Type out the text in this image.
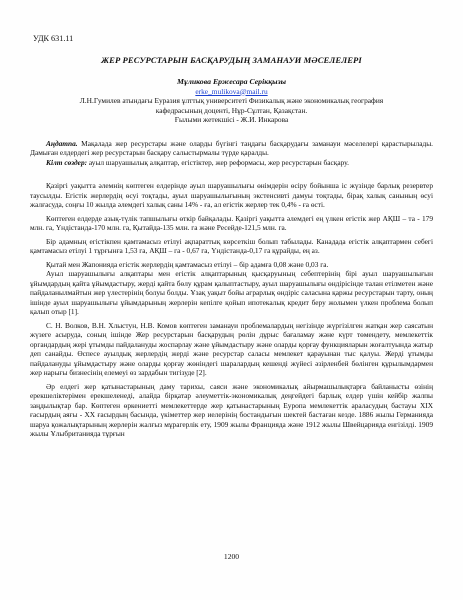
УДК 631.11
ЖЕР РЕСУРСТАРЫН БАСҚАРУДЫҢ ЗАМАНАУИ МӘСЕЛЕЛЕРІ
Мұликова Ержесара Серікқызы
erke_mulikova@mail.ru
Л.Н.Гумилев атындағы Еуразия ұлттық университеті Физикалық және экономикалық география
кафедрасының доценті, Нұр-Сұлтан, Қазақстан.
Ғылыми жетекшісі - Ж.И. Инкарова

Аңдатпа. Мақалада жер ресурстары және оларды бүгінгі таңдағы басқарудағы заманауи мәселелері қарастырылады. Дамыған елдердегі жер ресурстарын басқару салыстырмалы түрде қаралды.

Кілт сөздер: ауыл шаруашылық алқаптар, егістіктер, жер реформасы, жер ресурстарын басқару.

Қазіргі уақытта әлемнің көптеген елдерінде ауыл шаруашылығы өнімдерін өсіру бойынша іс жүзінде барлық резервтер таусылды. Егістік жерлердің өсуі тоқтады, ауыл шаруашылығының экстенсивті дамуы тоқтады, бірақ халық санының өсуі жалғасуда, соңғы 10 жылда әлемдегі халық саны 14% - ға, ал егістік жерлер тек 0,4% - ға өсті.

Көптеген елдерде азық-түлік тапшылығы өткір байқалады. Қазіргі уақытта әлемдегі ең үлкен егістік жер АҚШ – та - 179 млн. га, Үндістанда-170 млн. га, Қытайда-135 млн. га және Ресейде-121,5 млн. га.

Бір адамның егістікпен қамтамасыз етілуі ақпараттық көрсеткіш болып табылады. Канадада егістік алқаптармен себегі қамтамасыз етілуі 1 тұрғынға 1,53 га, АҚШ – га - 0,67 га, Үндістанда-0,17 га құрайды, ең аз.

Қытай мен Жапонияда егістік жерлердің қамтамасыз етілуі – бір адамға 0,08 және 0,03 га.

Ауыл шаруашылығы алқаптары мен егістік алқаптарының қысқаруының себептерінің бірі ауыл шаруашылығын ұйымдардың қайта ұйымдастыру, жерді қайта бөлу құрам қалыптастыру, ауыл шаруашылығы өндірісінде талан етілметен және пайдаланылмайтын жер үлестерінің болуы болды. Ұзақ уақыт бойы аграрлық өндіріс саласына қаржы ресурстарын тарту, оның ішінде ауыл шаруашылығы ұйымдарының жерлерін кепілге қойып ипотекалық кредит беру жолымен үлкен проблема болып қалып отыр [1].

С. Н. Волков, В.Н. Хлыстун, Н.В. Комов көптеген заманауи проблемалардың негізінде жүргізілген жатқан жер саясатын жүзеге асыруда, соның ішінде Жер ресурстарын басқарудың рөлін дұрыс бағаламау және күрт төмендету, мемлекеттік органдардың жері ұтымды пайдалануды жоспарлау және ұйымдастыру және оларды қорғау функцияларын жоғалтуында жатыр деп санайды. Өспесе ауылдық жерлердің жерді және ресурстар саласы мемлекет қарауынан тыс қалуы. Жерді ұтымды пайдалануды ұйымдастыру және оларды қорғау жөніндегі шаралардың кешенді жүйесі әзірленбей бөлінген құрылымдармен жер нарығы бизнесінің елемеуі өз зардабын тигізуде [2].

Әр елдегі жер қатынастарының даму тарихы, саяси және экономикалық айырмашылықтарға байланысты өзінің ерекшеліктерімен ерекшеленеді, алайда бірқатар әлеуметтік-экономикалық деңгейдегі барлық елдер үшін кейбір жалпы заңдылықтар бар. Көптеген өркениетті мемлекеттерде жер қатынастарының Еуропа мемлекеттік араласудың бастауы XIX ғасырдың аяғы - XX ғасырдың басында, үкіметтер жер иелерінің бостандығын шектей бастаған кезде. 1886 жылы Германияда шаруа қожалықтарының жерлерін жалғыз мұрагерлік ету, 1909 жылы Францияда және 1912 жылы Швейцарияда енгізілді. 1909 жылы Ұлыбританияда тұрғын

1200
